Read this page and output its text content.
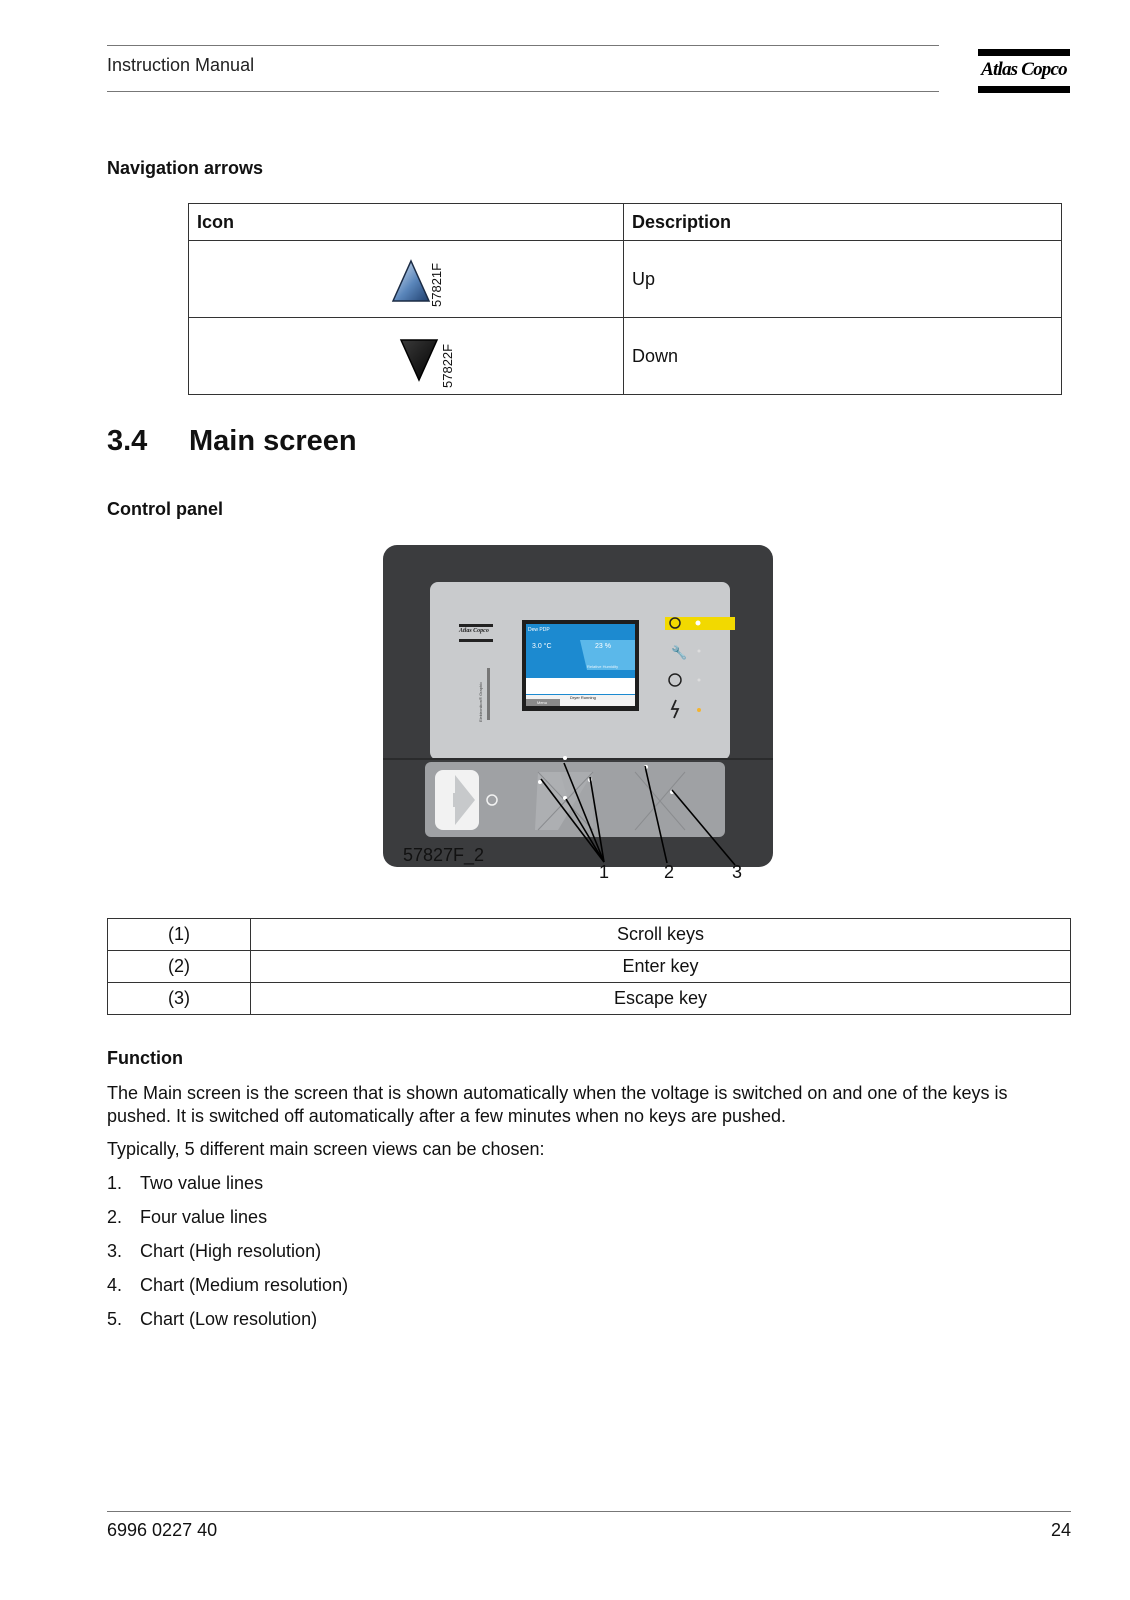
Instruction Manual	Atlas Copco
Navigation arrows
Icon	Description

57821F	Up

57822F	Down
3.4 Main screen
Control panel
🔧
Dew PDP
3.0 °C	23 %
Relative Humidity
Dryer Running
Menu
Atlas Copco
Elektronikon® Graphic
57827F_2
1	2	3
(1)	Scroll keys
(2)	Enter key
(3)	Escape key
Function

The Main screen is the screen that is shown automatically when the voltage is switched on and one of the keys is pushed. It is switched off automatically after a few minutes when no keys are pushed.

Typically, 5 different main screen views can be chosen:

1. Two value lines
2. Four value lines
3. Chart (High resolution)
4. Chart (Medium resolution)
5. Chart (Low resolution)
6996 0227 40	24
